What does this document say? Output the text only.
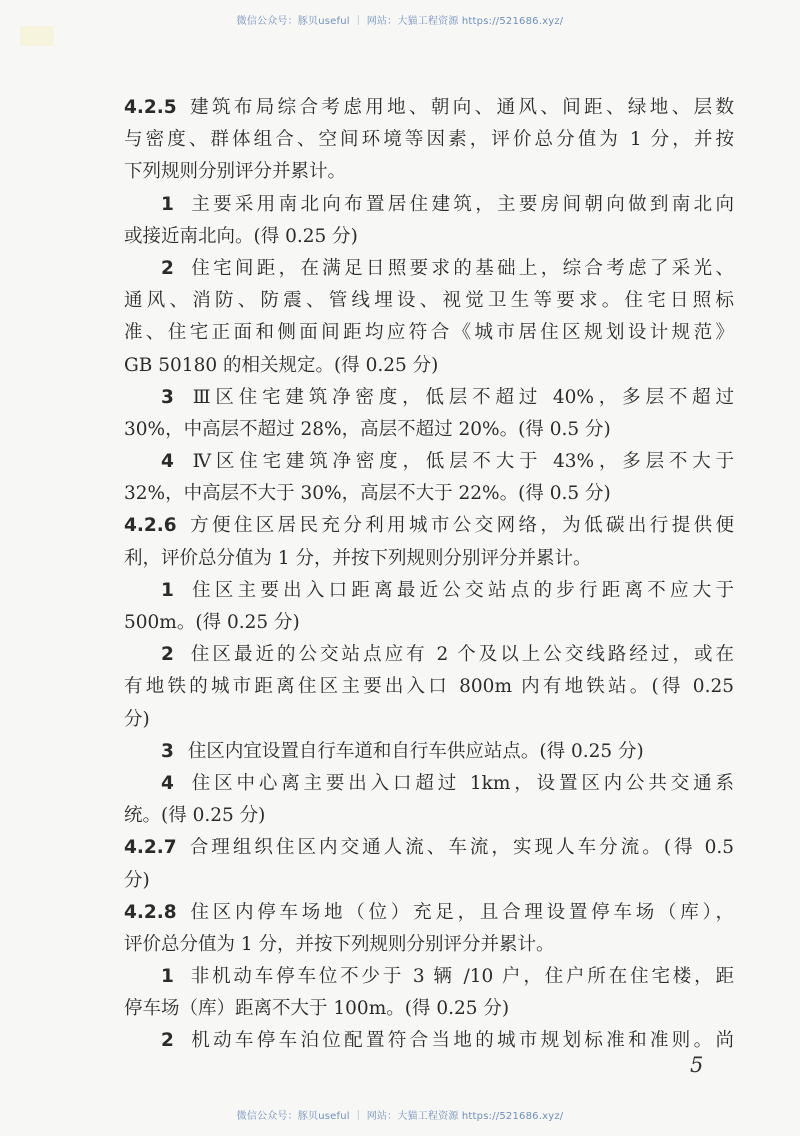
微信公众号：豚贝useful ｜ 网站：大猫工程资源 https://521686.xyz/
4.2.5 建筑布局综合考虑用地、朝向、通风、间距、绿地、层数
与密度、群体组合、空间环境等因素，评价总分值为 1 分，并按
下列规则分别评分并累计。
1 主要采用南北向布置居住建筑，主要房间朝向做到南北向
或接近南北向。(得 0.25 分)
2 住宅间距，在满足日照要求的基础上，综合考虑了采光、
通风、消防、防震、管线埋设、视觉卫生等要求。住宅日照标
准、住宅正面和侧面间距均应符合《城市居住区规划设计规范》
GB 50180 的相关规定。(得 0.25 分)
3 Ⅲ区住宅建筑净密度，低层不超过 40%，多层不超过
30%，中高层不超过 28%，高层不超过 20%。(得 0.5 分)
4 Ⅳ区住宅建筑净密度，低层不大于 43%，多层不大于
32%，中高层不大于 30%，高层不大于 22%。(得 0.5 分)
4.2.6 方便住区居民充分利用城市公交网络，为低碳出行提供便
利，评价总分值为 1 分，并按下列规则分别评分并累计。
1 住区主要出入口距离最近公交站点的步行距离不应大于
500m。(得 0.25 分)
2 住区最近的公交站点应有 2 个及以上公交线路经过，或在
有地铁的城市距离住区主要出入口 800m 内有地铁站。(得 0.25
分)
3 住区内宜设置自行车道和自行车供应站点。(得 0.25 分)
4 住区中心离主要出入口超过 1km，设置区内公共交通系
统。(得 0.25 分)
4.2.7 合理组织住区内交通人流、车流，实现人车分流。(得 0.5
分)
4.2.8 住区内停车场地（位）充足，且合理设置停车场（库），
评价总分值为 1 分，并按下列规则分别评分并累计。
1 非机动车停车位不少于 3 辆 /10 户，住户所在住宅楼，距
停车场（库）距离不大于 100m。(得 0.25 分)
2 机动车停车泊位配置符合当地的城市规划标准和准则。尚
5
微信公众号：豚贝useful ｜ 网站：大猫工程资源 https://521686.xyz/
